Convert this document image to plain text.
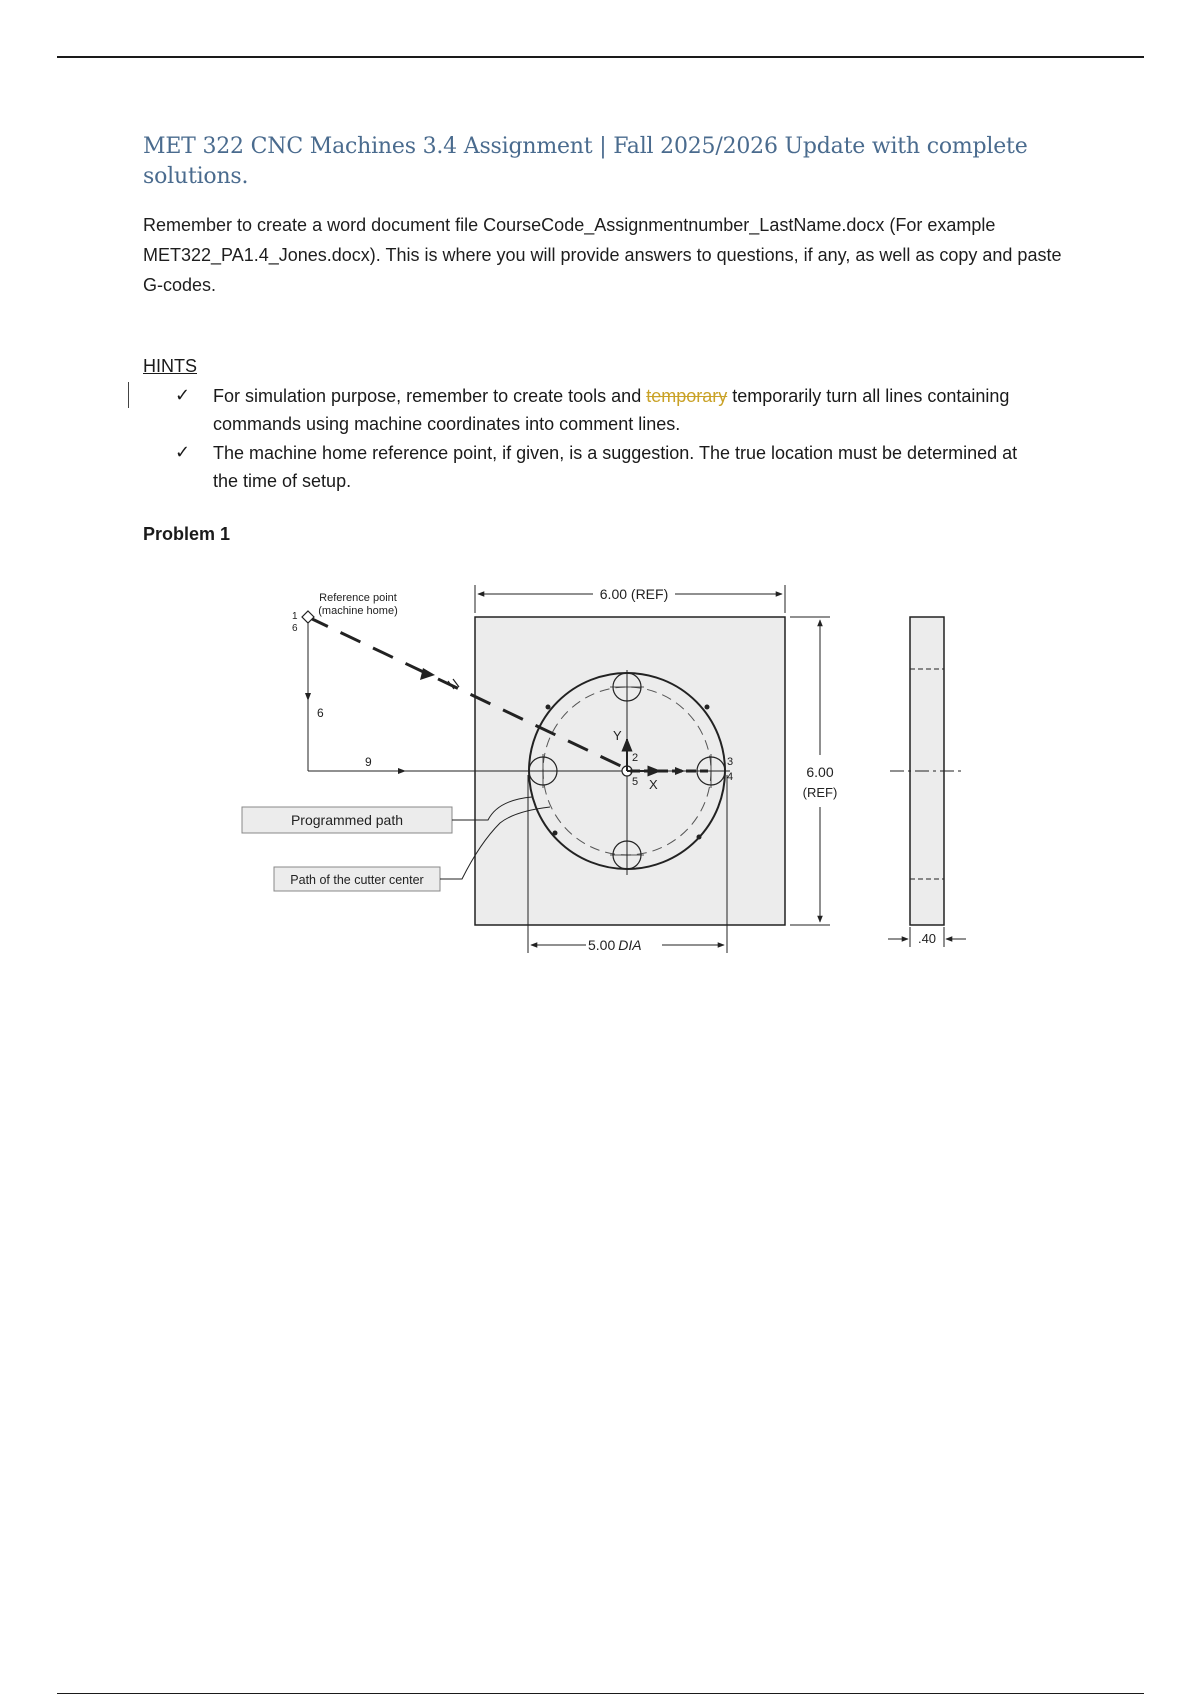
MET 322 CNC Machines 3.4 Assignment | Fall 2025/2026 Update with complete solutions.
Remember to create a word document file CourseCode_Assignmentnumber_LastName.docx (For example MET322_PA1.4_Jones.docx). This is where you will provide answers to questions, if any, as well as copy and paste G-codes.
HINTS
✓ For simulation purpose, remember to create tools and temporary temporarily turn all lines containing commands using machine coordinates into comment lines.
✓ The machine home reference point, if given, is a suggestion. The true location must be determined at the time of setup.
Problem 1
6.00 (REF)
6.00
(REF)
5.00 DIA
Y
X
6
9
Reference point
(machine home)
1
6
2
5
3
4
Programmed path
Path of the cutter center
.40
